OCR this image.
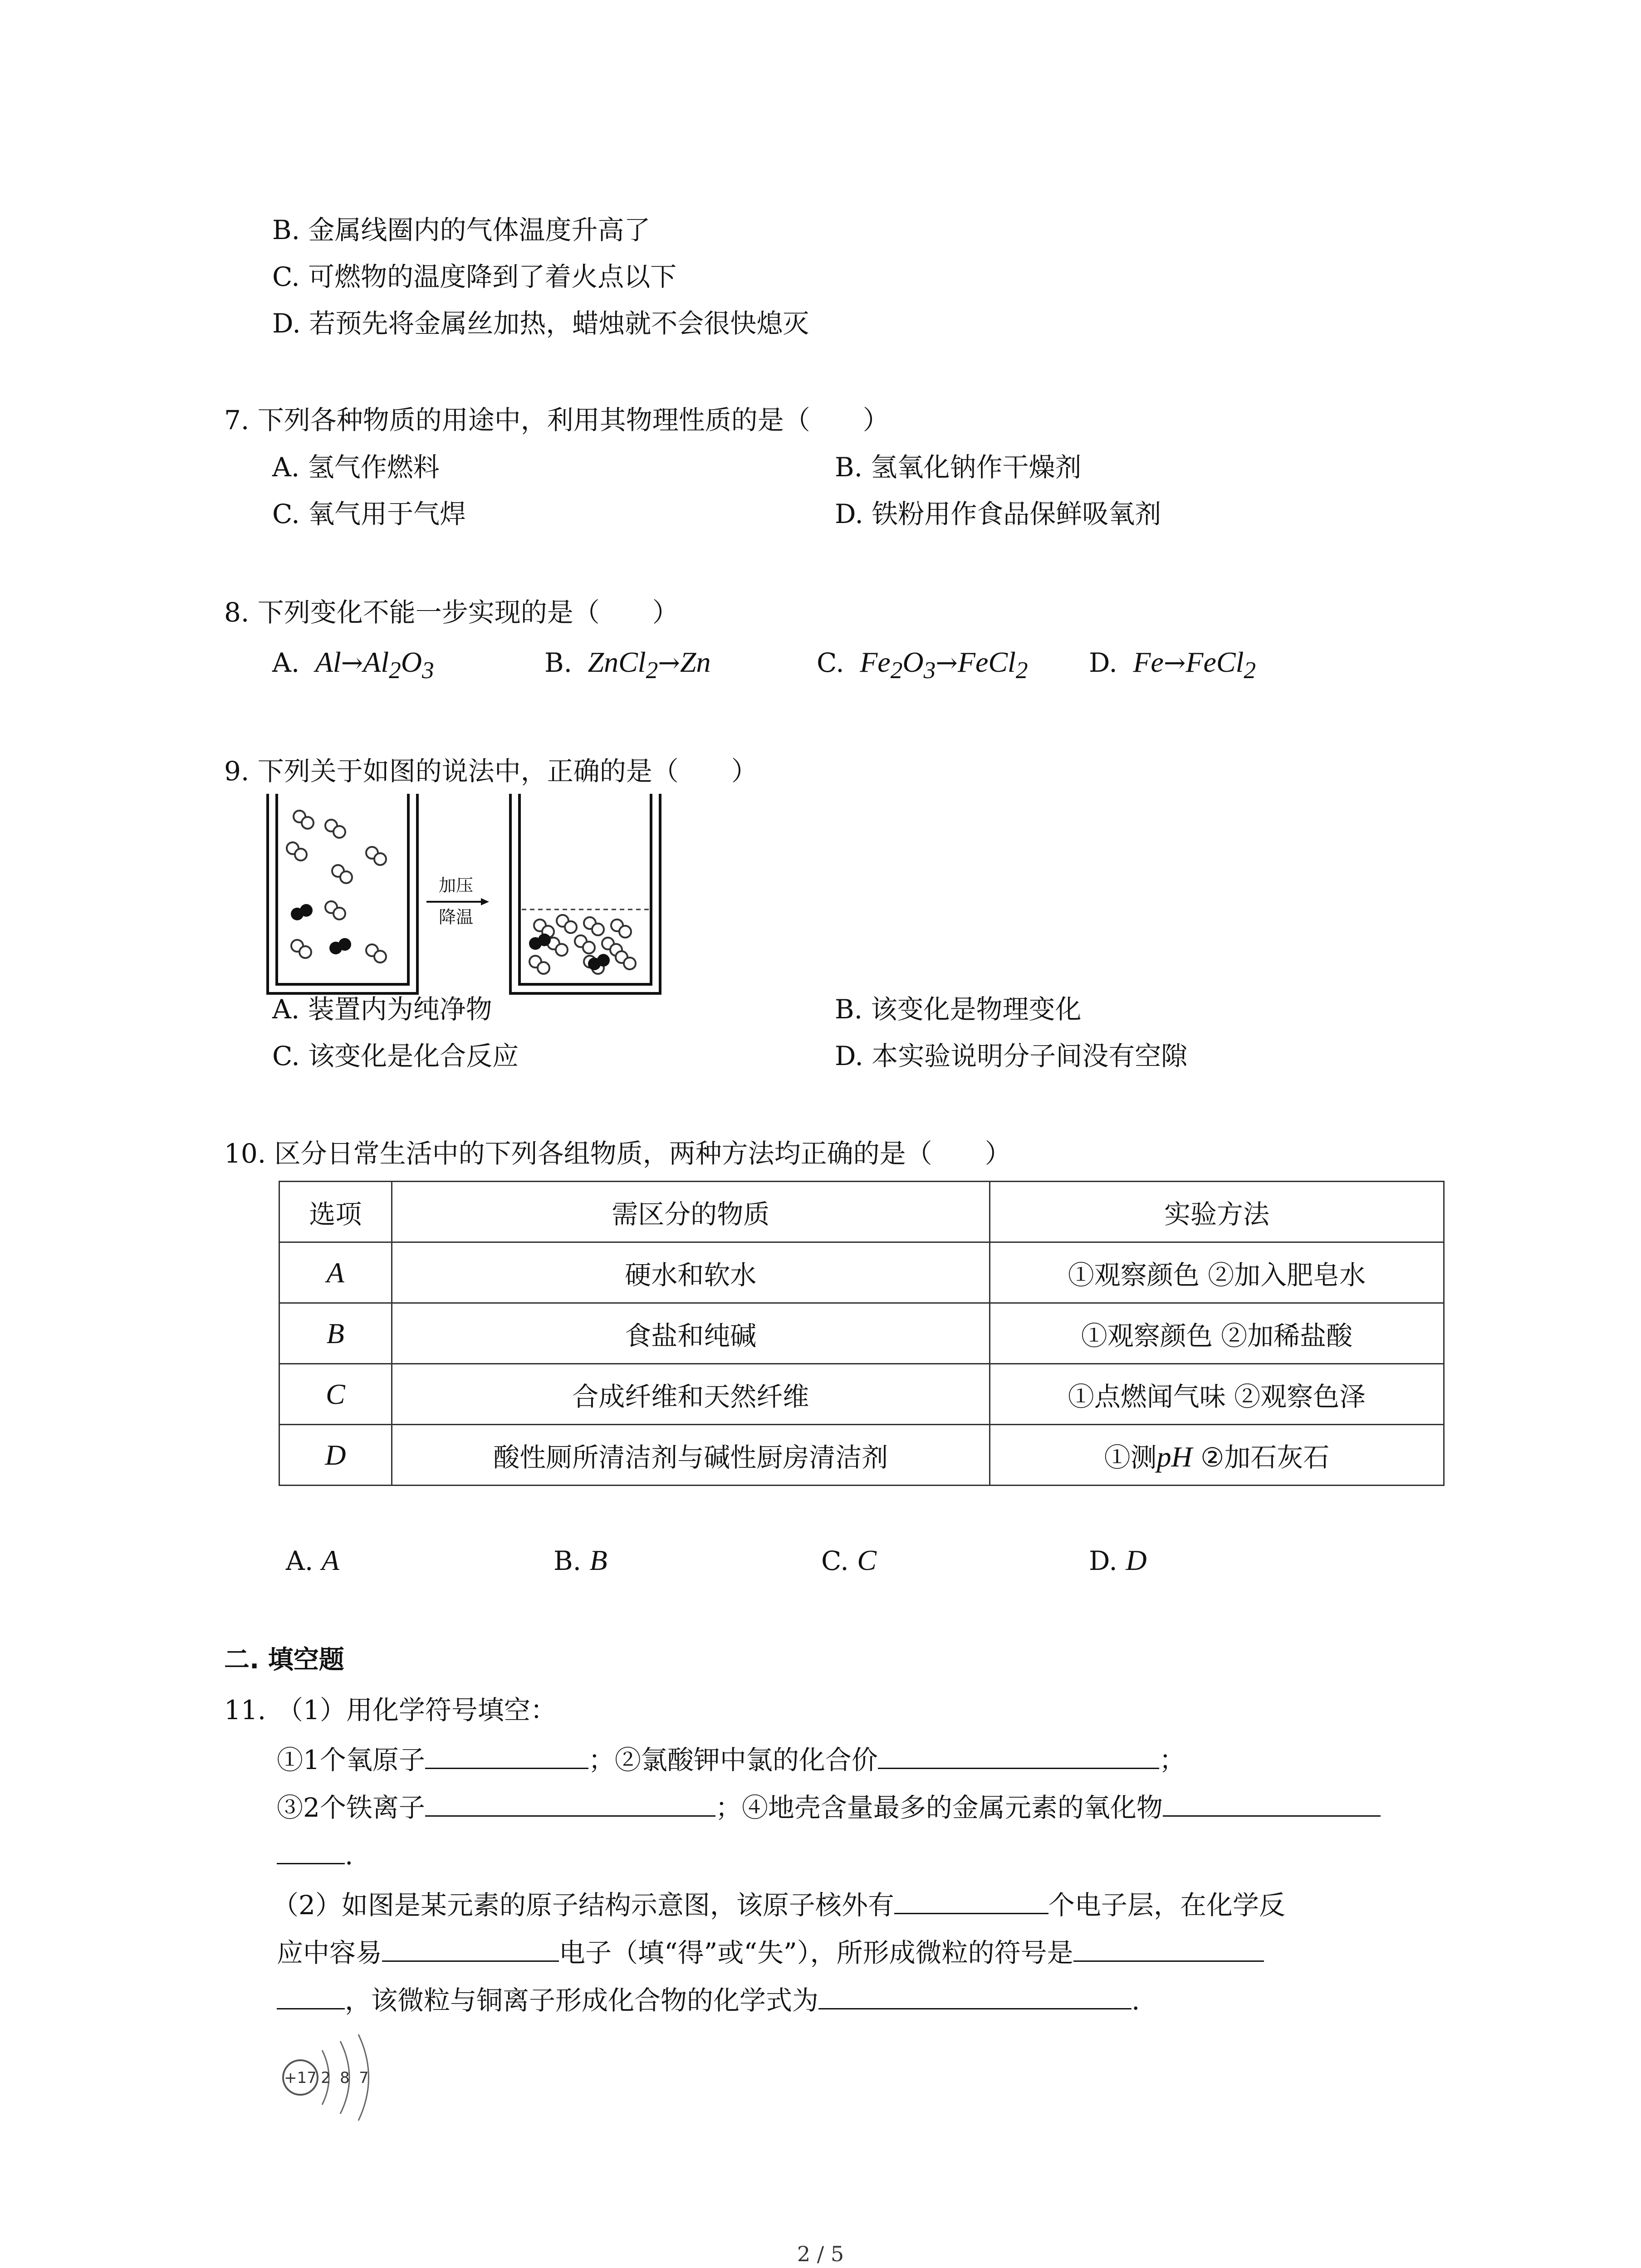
B. 金属线圈内的气体温度升高了
C. 可燃物的温度降到了着火点以下
D. 若预先将金属丝加热，蜡烛就不会很快熄灭
7. 下列各种物质的用途中，利用其物理性质的是（　　）
A. 氢气作燃料	B. 氢氧化钠作干燥剂
C. 氧气用于气焊	D. 铁粉用作食品保鲜吸氧剂
8. 下列变化不能一步实现的是（　　）
A.  $Al\to Al_2O_3$	B.  ZnCl$_2$→Zn	C.  $Fe_2O_3\to FeCl_2$ D.  Fe→FeCl$_2$
9. 下列关于如图的说法中，正确的是（　　）
加压
降温
A. 装置内为纯净物	B. 该变化是物理变化
C. 该变化是化合反应	D. 本实验说明分子间没有空隙
10. 区分日常生活中的下列各组物质，两种方法均正确的是（　　）
选项	需区分的物质	实验方法
A	硬水和软水	①观察颜色 ②加入肥皂水
B	食盐和纯碱	①观察颜色 ②加稀盐酸
C	合成纤维和天然纤维	①点燃闻气味 ②观察色泽
D	酸性厕所清洁剂与碱性厨房清洁剂	①测pH ②加石灰石
A. A	B. B	C. C	D. D
二. 填空题
11. （1）用化学符号填空：
①1个氧原子	；②氯酸钾中氯的化合价	；
③2个铁离子	；④地壳含量最多的金属元素的氧化物
.
（2）如图是某元素的原子结构示意图，该原子核外有	个电子层，在化学反
应中容易	电子（填“得”或“失”），所形成微粒的符号是
，该微粒与铜离子形成化合物的化学式为	.
+17 2 8 7
2 / 5
